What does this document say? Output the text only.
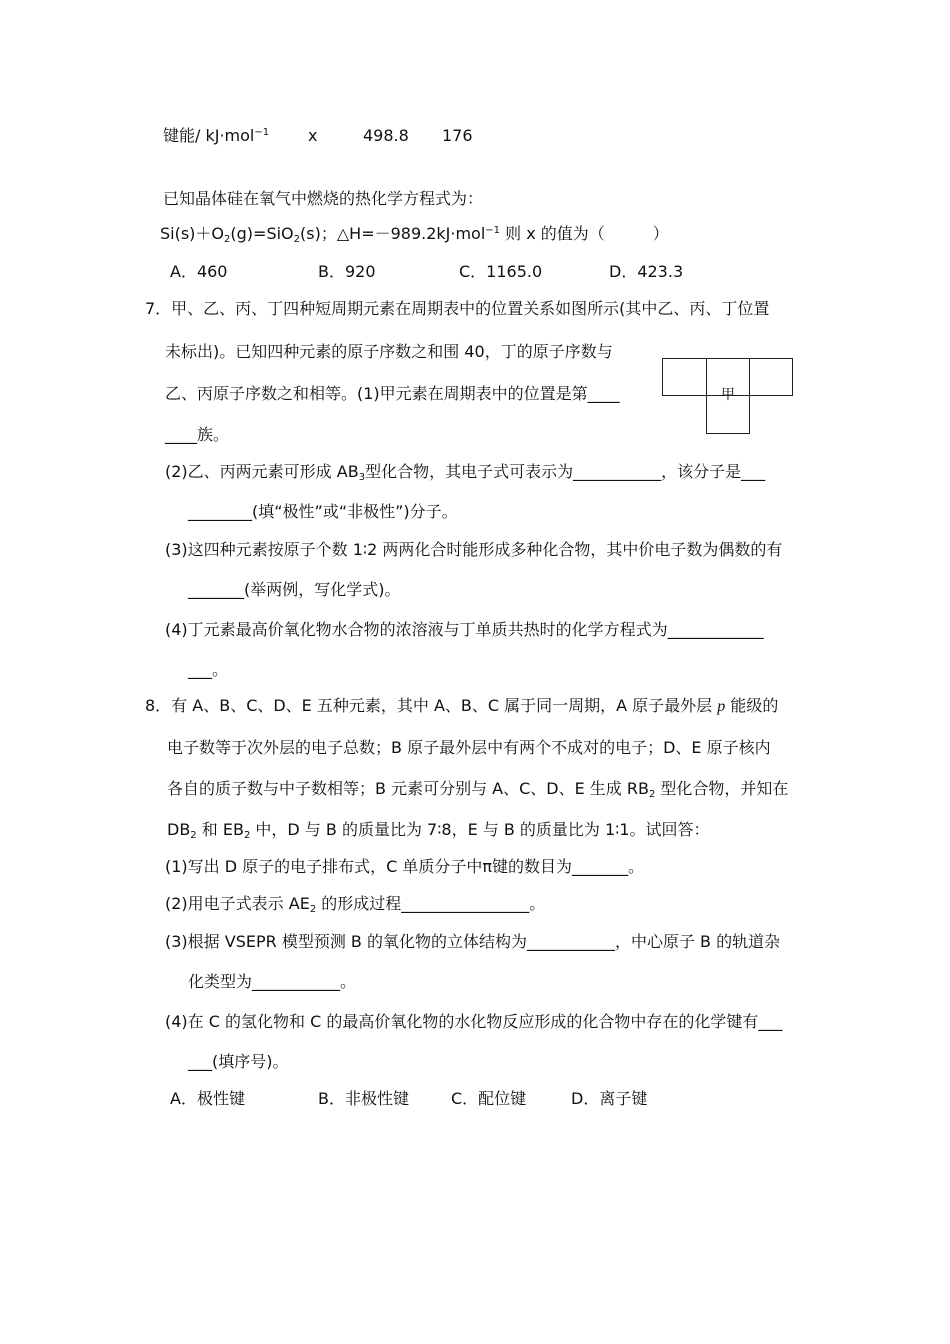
键能/ kJ·mol$^{-1}$ x	498.8 176
已知晶体硅在氧气中燃烧的热化学方程式为：
$Si(s)+O_2(g)=SiO_2(s)$；△H=－989.2kJ·mol$^{-1}$ 则 x 的值为（　　　）
A．460	B．920	C．1165.0	D．423.3
7．甲、乙、丙、丁四种短周期元素在周期表中的位置关系如图所示(其中乙、丙、丁位置
未标出)。已知四种元素的原子序数之和围 40，丁的原子序数与
乙、丙原子序数之和相等。(1)甲元素在周期表中的位置是第____
____族。
甲
(2)乙、丙两元素可形成 $AB_3$型化合物，其电子式可表示为___________，该分子是___
________(填“极性”或“非极性”)分子。
(3)这四种元素按原子个数 1∶2 两两化合时能形成多种化合物，其中价电子数为偶数的有
_______(举两例，写化学式)。
(4)丁元素最高价氧化物水合物的浓溶液与丁单质共热时的化学方程式为____________
___。
8．有 A、B、C、D、E 五种元素，其中 A、B、C 属于同一周期，A 原子最外层 p 能级的
电子数等于次外层的电子总数；B 原子最外层中有两个不成对的电子；D、E 原子核内
各自的质子数与中子数相等；B 元素可分别与 A、C、D、E 生成 $RB_2$ 型化合物，并知在
$DB_2$ 和 $EB_2$ 中，D 与 B 的质量比为 7∶8，E 与 B 的质量比为 1∶1。试回答：
(1)写出 D 原子的电子排布式，C 单质分子中π键的数目为_______。
(2)用电子式表示 $AE_2$ 的形成过程________________。
(3)根据 VSEPR 模型预测 B 的氧化物的立体结构为___________，中心原子 B 的轨道杂
化类型为___________。
(4)在 C 的氢化物和 C 的最高价氧化物的水化物反应形成的化合物中存在的化学键有___
___(填序号)。
A．极性键	B．非极性键	C．配位键	D．离子键
